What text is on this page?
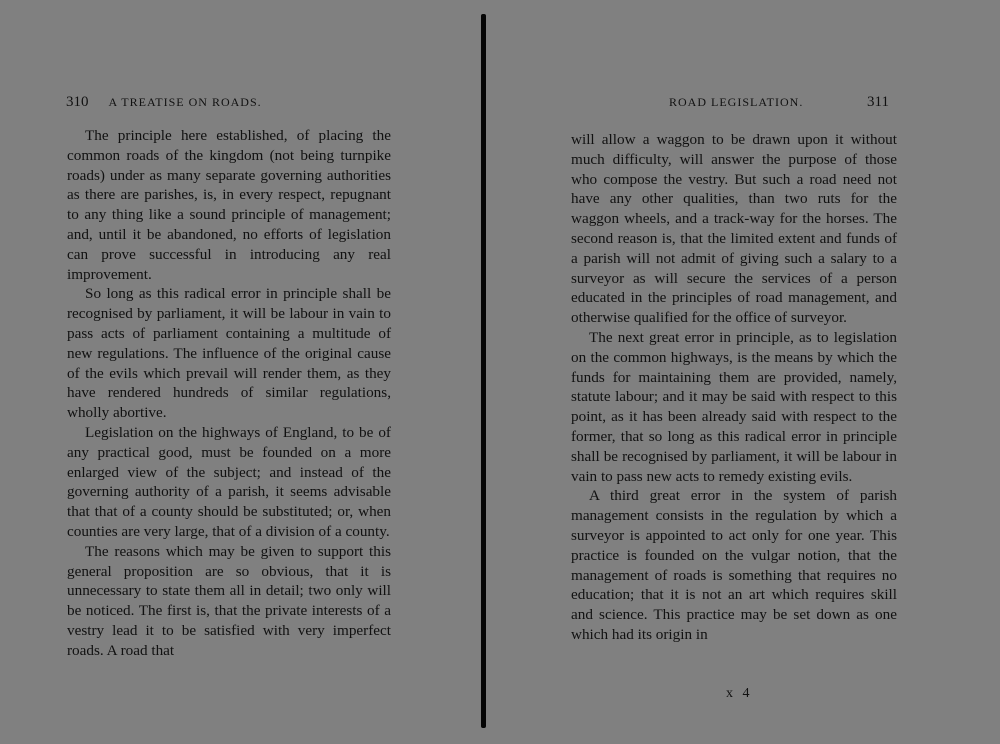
310 A TREATISE ON ROADS.

The principle here established, of placing the common roads of the kingdom (not being turnpike roads) under as many separate governing authorities as there are parishes, is, in every respect, repugnant to any thing like a sound principle of management; and, until it be abandoned, no efforts of legislation can prove successful in introducing any real improvement.

So long as this radical error in principle shall be recognised by parliament, it will be labour in vain to pass acts of parliament containing a multitude of new regulations. The influence of the original cause of the evils which prevail will render them, as they have rendered hundreds of similar regulations, wholly abortive.

Legislation on the highways of England, to be of any practical good, must be founded on a more enlarged view of the subject; and instead of the governing authority of a parish, it seems advisable that that of a county should be substituted; or, when counties are very large, that of a division of a county.

The reasons which may be given to support this general proposition are so obvious, that it is unnecessary to state them all in detail; two only will be noticed. The first is, that the private interests of a vestry lead it to be satisfied with very imperfect roads. A road that

ROAD LEGISLATION.	311

will allow a waggon to be drawn upon it without much difficulty, will answer the purpose of those who compose the vestry. But such a road need not have any other qualities, than two ruts for the waggon wheels, and a track-way for the horses. The second reason is, that the limited extent and funds of a parish will not admit of giving such a salary to a surveyor as will secure the services of a person educated in the principles of road management, and otherwise qualified for the office of surveyor.

The next great error in principle, as to legislation on the common highways, is the means by which the funds for maintaining them are provided, namely, statute labour; and it may be said with respect to this point, as it has been already said with respect to the former, that so long as this radical error in principle shall be recognised by parliament, it will be labour in vain to pass new acts to remedy existing evils.

A third great error in the system of parish management consists in the regulation by which a surveyor is appointed to act only for one year. This practice is founded on the vulgar notion, that the management of roads is something that requires no education; that it is not an art which requires skill and science. This practice may be set down as one which had its origin in

x 4
